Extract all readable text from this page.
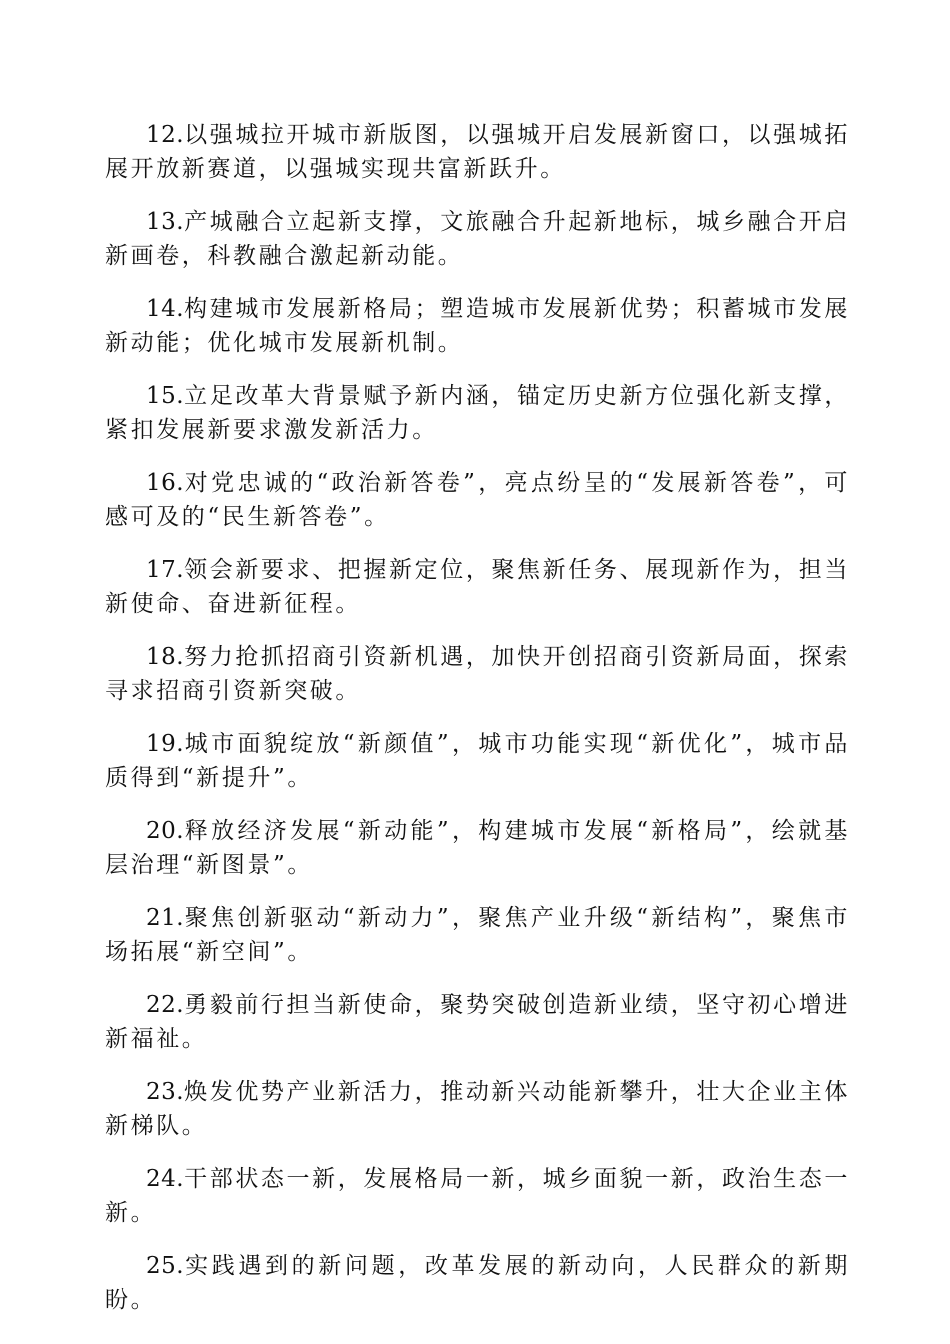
12.以强城拉开城市新版图，以强城开启发展新窗口，以强城拓展开放新赛道，以强城实现共富新跃升。

13.产城融合立起新支撑，文旅融合升起新地标，城乡融合开启新画卷，科教融合激起新动能。

14.构建城市发展新格局；塑造城市发展新优势；积蓄城市发展新动能；优化城市发展新机制。

15.立足改革大背景赋予新内涵，锚定历史新方位强化新支撑，紧扣发展新要求激发新活力。

16.对党忠诚的“政治新答卷”，亮点纷呈的“发展新答卷”，可感可及的“民生新答卷”。

17.领会新要求、把握新定位，聚焦新任务、展现新作为，担当新使命、奋进新征程。

18.努力抢抓招商引资新机遇，加快开创招商引资新局面，探索寻求招商引资新突破。

19.城市面貌绽放“新颜值”，城市功能实现“新优化”，城市品质得到“新提升”。

20.释放经济发展“新动能”，构建城市发展“新格局”，绘就基层治理“新图景”。

21.聚焦创新驱动“新动力”，聚焦产业升级“新结构”，聚焦市场拓展“新空间”。

22.勇毅前行担当新使命，聚势突破创造新业绩，坚守初心增进新福祉。

23.焕发优势产业新活力，推动新兴动能新攀升，壮大企业主体新梯队。

24.干部状态一新，发展格局一新，城乡面貌一新，政治生态一新。

25.实践遇到的新问题，改革发展的新动向，人民群众的新期盼。
